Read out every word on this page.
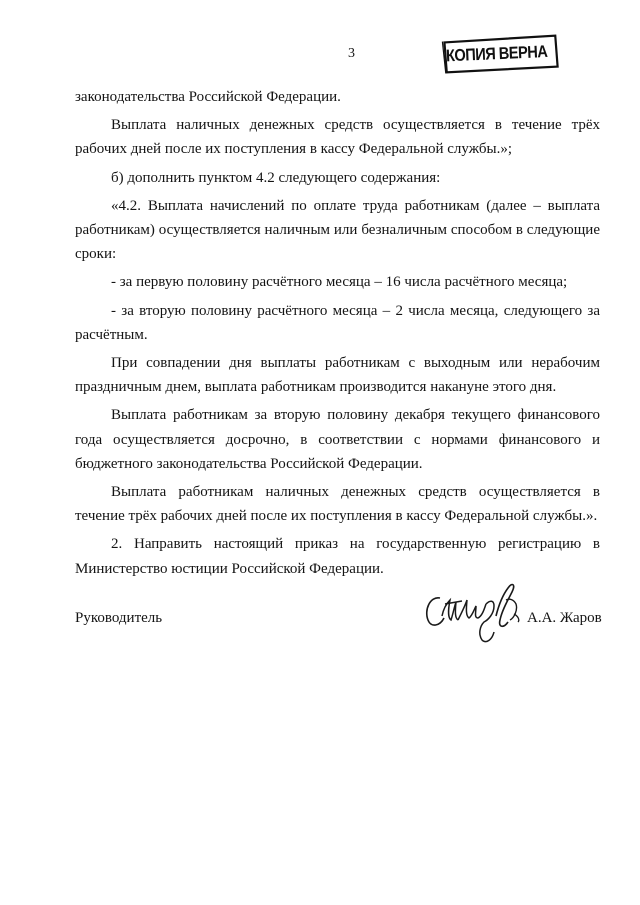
3	КОПИЯ ВЕРНА

законодательства Российской Федерации.

Выплата наличных денежных средств осуществляется в течение трёх рабочих дней после их поступления в кассу Федеральной службы.»;

б) дополнить пунктом 4.2 следующего содержания:

«4.2. Выплата начислений по оплате труда работникам (далее – выплата работникам) осуществляется наличным или безналичным способом в следующие сроки:

- за первую половину расчётного месяца – 16 числа расчётного месяца;

- за вторую половину расчётного месяца – 2 числа месяца, следующего за расчётным.

При совпадении дня выплаты работникам с выходным или нерабочим праздничным днем, выплата работникам производится накануне этого дня.

Выплата работникам за вторую половину декабря текущего финансового года осуществляется досрочно, в соответствии с нормами финансового и бюджетного законодательства Российской Федерации.

Выплата работникам наличных денежных средств осуществляется в течение трёх рабочих дней после их поступления в кассу Федеральной службы.».

2. Направить настоящий приказ на государственную регистрацию в Министерство юстиции Российской Федерации.

Руководитель	А.А. Жаров
